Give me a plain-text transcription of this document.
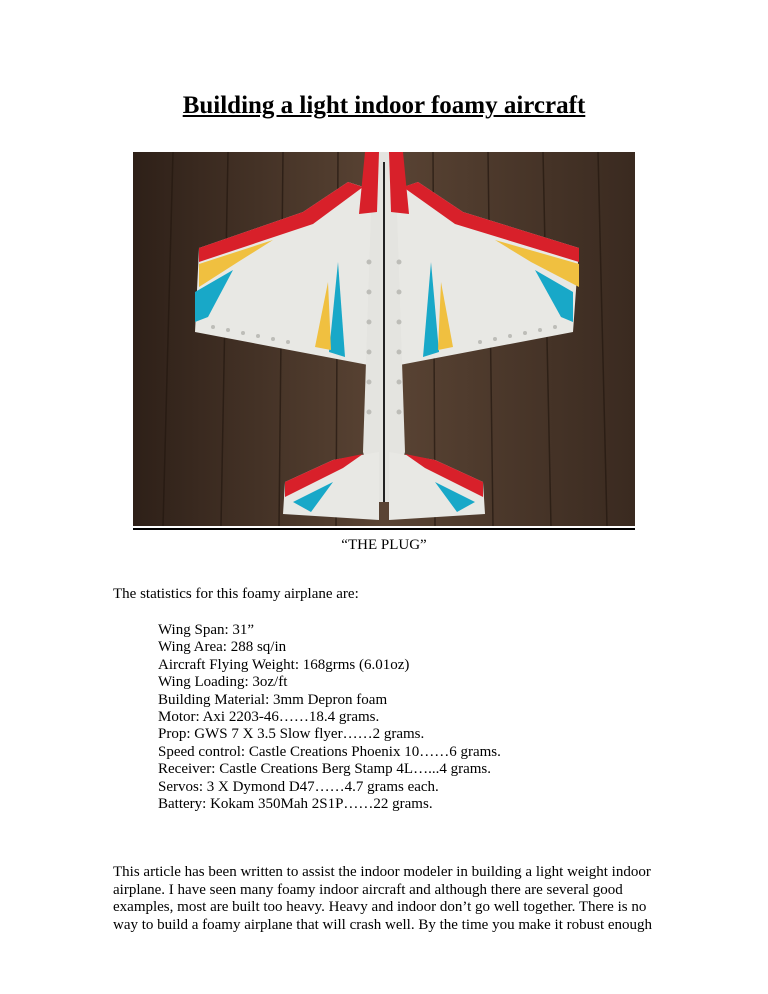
Building a light indoor foamy aircraft
“THE PLUG”
The statistics for this foamy airplane are:
Wing Span: 31”
Wing Area: 288 sq/in
Aircraft Flying Weight: 168grms (6.01oz)
Wing Loading: 3oz/ft
Building Material: 3mm Depron foam
Motor: Axi 2203-46……18.4 grams.
Prop: GWS 7 X 3.5 Slow flyer……2 grams.
Speed control: Castle Creations Phoenix 10……6 grams.
Receiver: Castle Creations Berg Stamp 4L…...4 grams.
Servos: 3 X Dymond D47……4.7 grams each.
Battery: Kokam 350Mah 2S1P……22 grams.

This article has been written to assist the indoor modeler in building a light weight indoor airplane. I have seen many foamy indoor aircraft and although there are several good examples, most are built too heavy. Heavy and indoor don’t go well together. There is no way to build a foamy airplane that will crash well. By the time you make it robust enough
